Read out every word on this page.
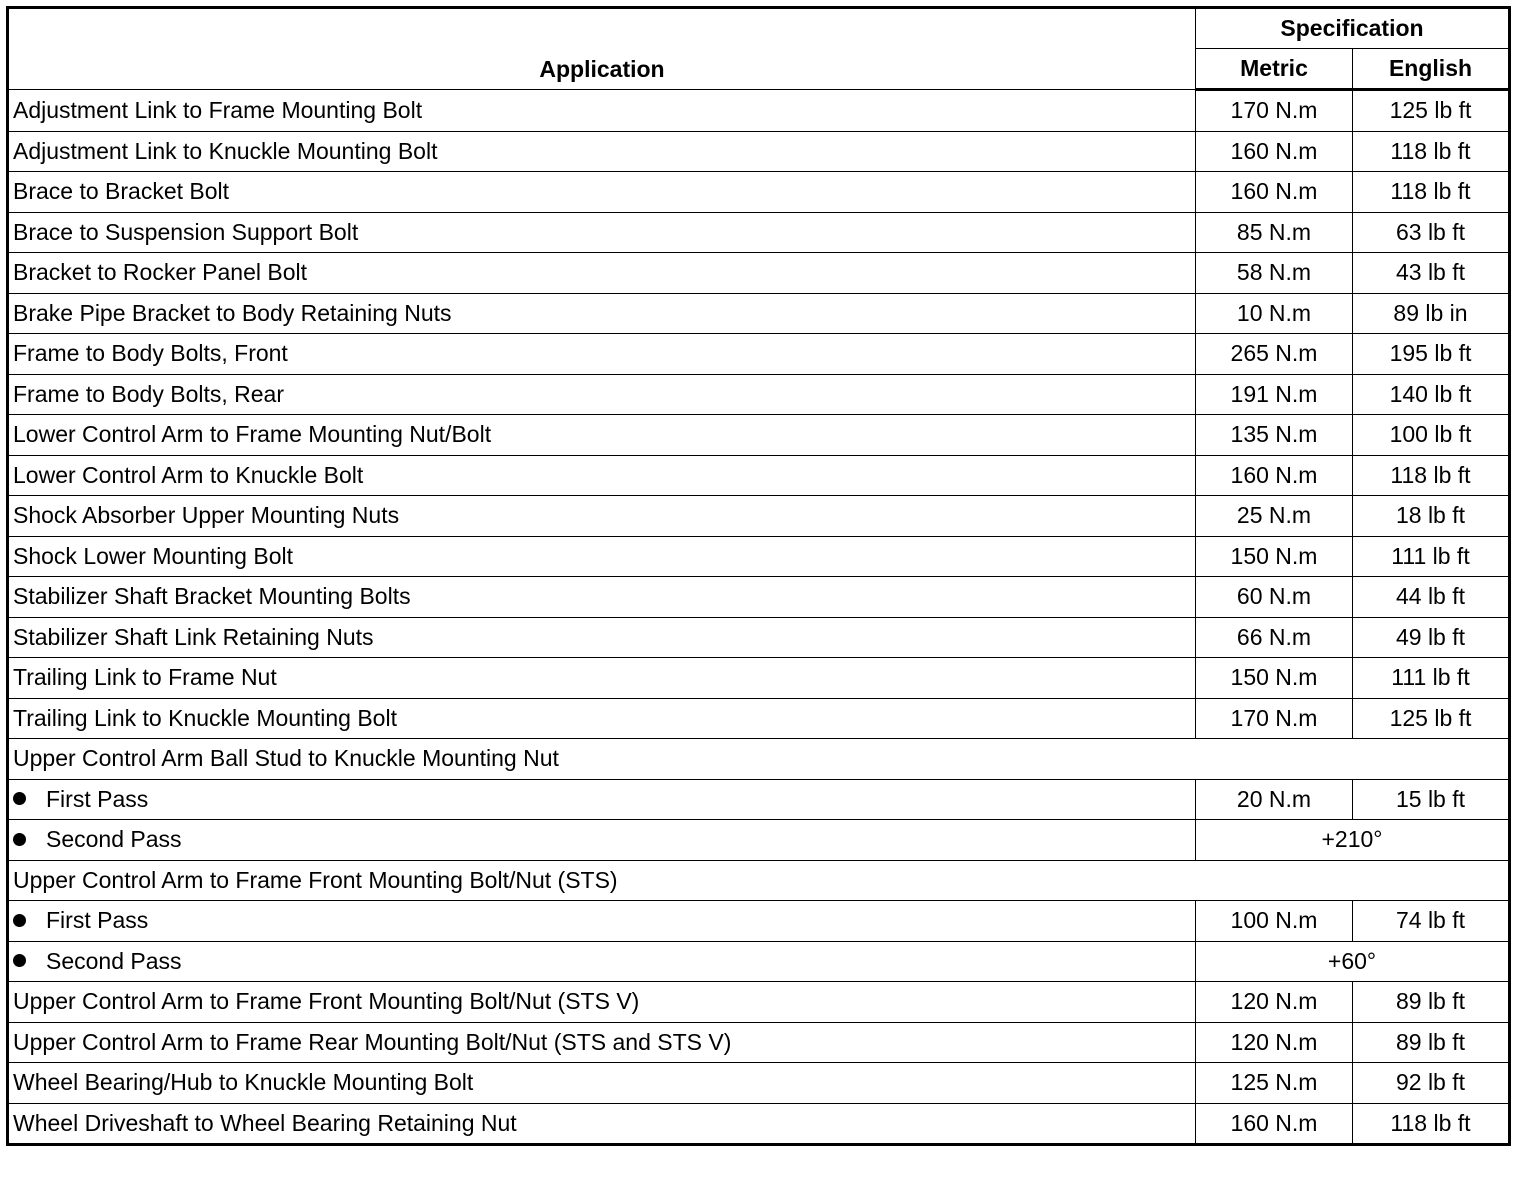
Application	Specification	
	Metric	English
Adjustment Link to Frame Mounting Bolt	170 N.m	125 lb ft
Adjustment Link to Knuckle Mounting Bolt	160 N.m	118 lb ft
Brace to Bracket Bolt	160 N.m	118 lb ft
Brace to Suspension Support Bolt	85 N.m	63 lb ft
Bracket to Rocker Panel Bolt	58 N.m	43 lb ft
Brake Pipe Bracket to Body Retaining Nuts	10 N.m	89 lb in
Frame to Body Bolts, Front	265 N.m	195 lb ft
Frame to Body Bolts, Rear	191 N.m	140 lb ft
Lower Control Arm to Frame Mounting Nut/Bolt	135 N.m	100 lb ft
Lower Control Arm to Knuckle Bolt	160 N.m	118 lb ft
Shock Absorber Upper Mounting Nuts	25 N.m	18 lb ft
Shock Lower Mounting Bolt	150 N.m	111 lb ft
Stabilizer Shaft Bracket Mounting Bolts	60 N.m	44 lb ft
Stabilizer Shaft Link Retaining Nuts	66 N.m	49 lb ft
Trailing Link to Frame Nut	150 N.m	111 lb ft
Trailing Link to Knuckle Mounting Bolt	170 N.m	125 lb ft
Upper Control Arm Ball Stud to Knuckle Mounting Nut		
First Pass	20 N.m	15 lb ft
Second Pass	+210°	
Upper Control Arm to Frame Front Mounting Bolt/Nut (STS)		
First Pass	100 N.m	74 lb ft
Second Pass	+60°	
Upper Control Arm to Frame Front Mounting Bolt/Nut (STS V)	120 N.m	89 lb ft
Upper Control Arm to Frame Rear Mounting Bolt/Nut (STS and STS V)	120 N.m	89 lb ft
Wheel Bearing/Hub to Knuckle Mounting Bolt	125 N.m	92 lb ft
Wheel Driveshaft to Wheel Bearing Retaining Nut	160 N.m	118 lb ft
